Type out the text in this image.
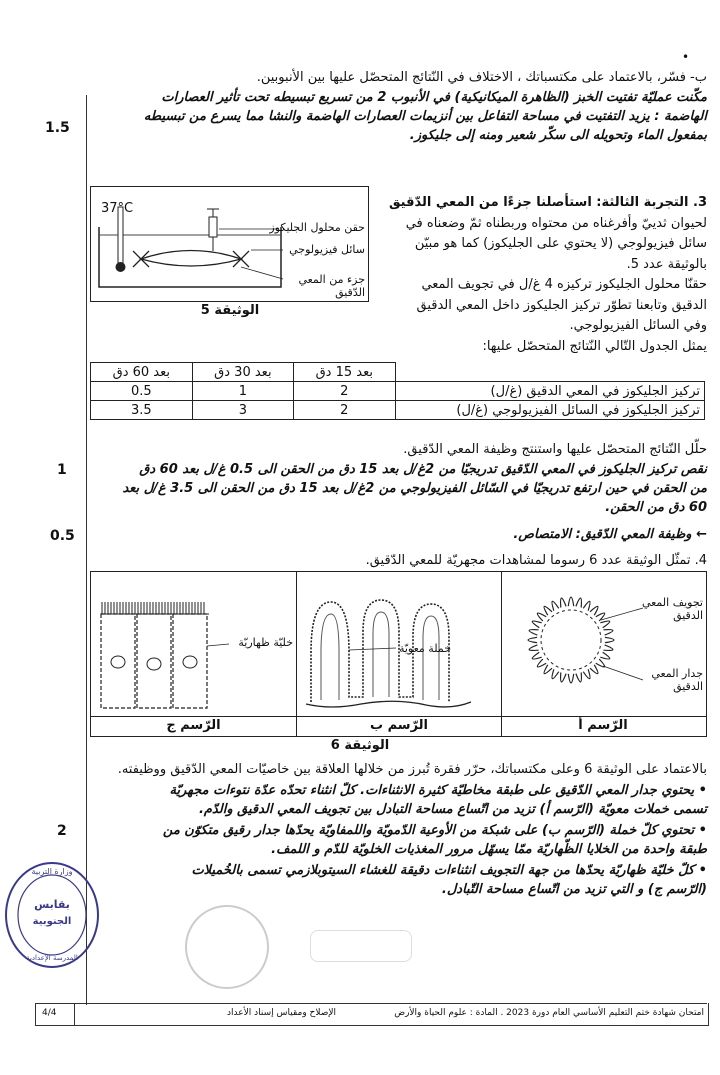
•
1.5
1
0.5
2
ب- فسّر، بالاعتماد على مكتسباتك ، الاختلاف في النّتائج المتحصّل عليها بين الأنبوبين.
مكّنت عمليّة تفتيت الخبز (الظاهرة الميكانيكية) في الأنبوب 2 من تسريع تبسيطه تحت تأثير العصارات
الهاضمة : يزيد التفتيت في مساحة التفاعل بين أنزيمات العصارات الهاضمة والنشا مما يسرع من تبسيطه
بمفعول الماء وتحويله الى سكّر شعير ومنه إلى جليكوز.
3. التجربة الثالثة: استأصلنا جزءًا من المعي الدّقيق
لحيوان ثدييّ وأفرغناه من محتواه وربطناه ثمّ وضعناه في
سائل فيزيولوجي (لا يحتوي على الجليكوز) كما هو مبيّن
بالوثيقة عدد 5.
حقنّا محلول الجليكوز تركيزه 4 غ/ل في تجويف المعي
الدقيق وتابعنا تطوّر تركيز الجليكوز داخل المعي الدقيق
وفي السائل الفيزيولوجي.
يمثل الجدول التّالي النّتائج المتحصّل عليها:
37°C
حقن محلول الجليكوز
سائل فيزيولوجي
جزء من المعي الدّقيق
الوثيقة 5
	بعد 15 دق	بعد 30 دق	بعد 60 دق
تركيز الجليكوز في المعي الدقيق (غ/ل)	2	1	0.5
تركيز الجليكوز في السائل الفيزيولوجي (غ/ل)	2	3	3.5
حلّل النّتائج المتحصّل عليها واستنتج وظيفة المعي الدّقيق.
نقص تركيز الجليكوز في المعي الدّقيق تدريجيّا من 2غ/ل بعد 15 دق من الحقن الى 0.5 غ/ل بعد 60 دق
من الحقن في حين ارتفع تدريجيّا في السّائل الفيزيولوجي من 2غ/ل بعد 15 دق من الحقن الى 3.5 غ/ل بعد
60 دق من الحقن.
← وظيفة المعي الدّقيق: الامتصاص.
4. تمثّل الوثيقة عدد 6 رسوما لمشاهدات مجهريّة للمعي الدّقيق.
تجويف المعي الدقيق
جدار المعي الدقيق
خملة معويّة
خليّة ظهاريّة
الرّسم أ
الرّسم ب
الرّسم ج
الوثيقة 6
بالاعتماد على الوثيقة 6 وعلى مكتسباتك، حرّر فقرة تُبرز من خلالها العلاقة بين خاصيّات المعي الدّقيق ووظيفته.
• يحتوي جدار المعي الدّقيق على طبقة مخاطيّة كثيرة الانثناءات. كلّ انثناء تحدّه عدّة نتوءات مجهريّة
تسمى خملات معويّة (الرّسم أ) تزيد من اتّساع مساحة التبادل بين تجويف المعي الدقيق والدّم.
• تحتوي كلّ خملة (الرّسم ب) على شبكة من الأوعية الدّمويّة واللمفاويّة يحدّها جدار رقيق متكوّن من
طبقة واحدة من الخلايا الظّهاريّة ممّا يسهّل مرور المغذيات الخلويّة للدّم و اللمف.
• كلّ خليّة ظهاريّة يحدّها من جهة التجويف انثناءات دقيقة للغشاء السيتوبلازمي تسمى بالخُميلات
(الرّسم ج) و التي تزيد من اتّساع مساحة التّبادل.
بقابس
الجنوبية
وزارة التربية
المدرسة الإعدادية
4/4	الإصلاح ومقياس إسناد الأعداد	امتحان شهادة ختم التعليم الأساسي العام دورة 2023 . المادة : علوم الحياة والأرض
